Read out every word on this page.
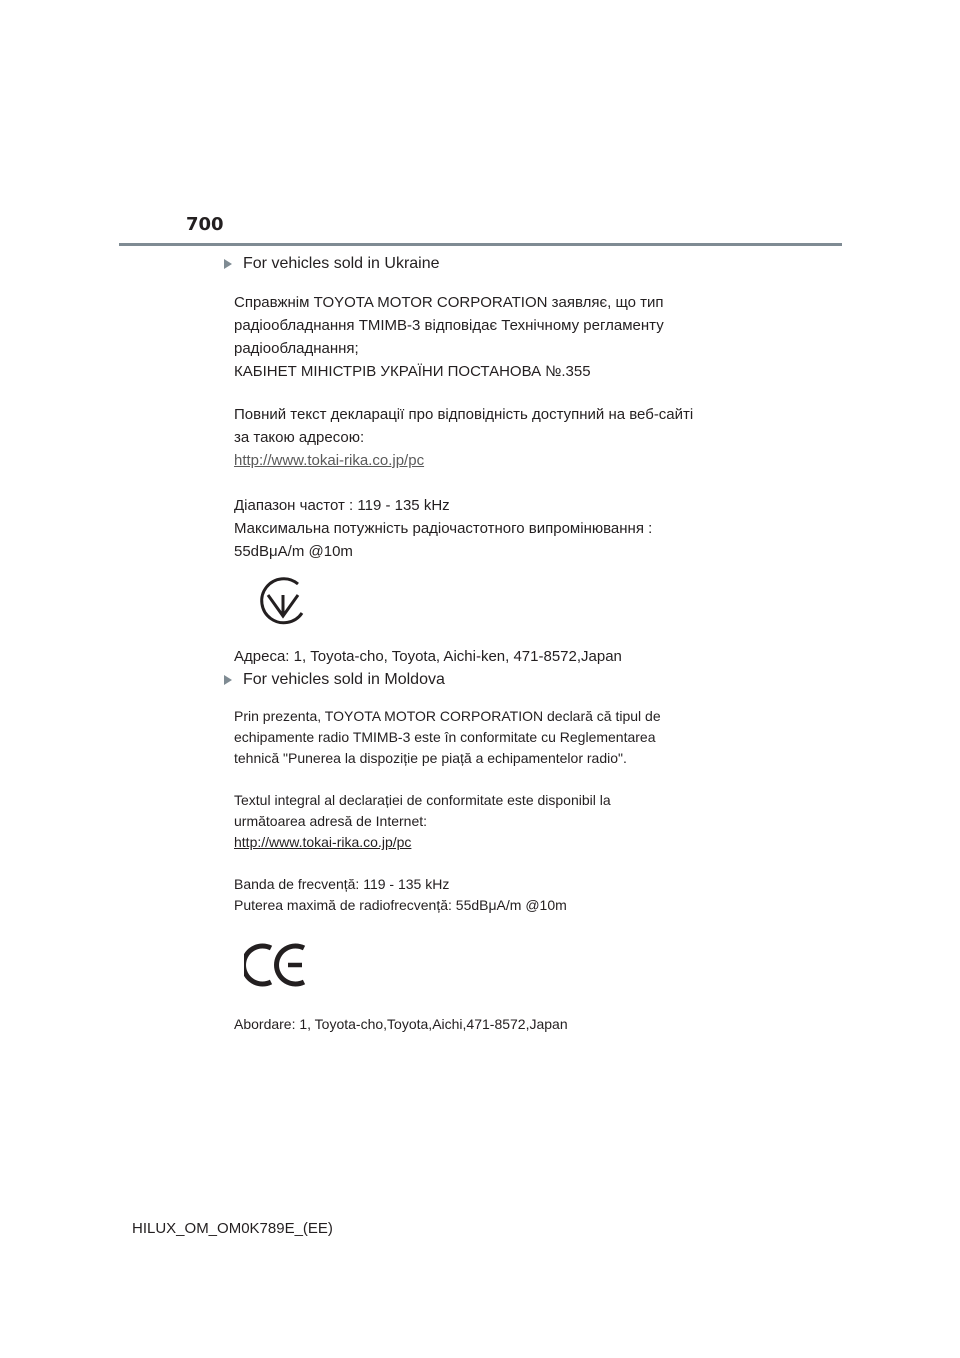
700
For vehicles sold in Ukraine
Справжнім TOYOTA MOTOR CORPORATION заявляє, що тип
радіообладнання TMIMB-3 відповідає Технічному регламенту
радіообладнання;
КАБІНЕТ МІНІСТРІВ УКРАЇНИ ПОСТАНОВА №.355
Повний текст декларації про відповідність доступний на веб-сайті
за такою адресою:
http://www.tokai-rika.co.jp/pc
Діапазон частот : 119 - 135 kHz
Максимальна потужність радіочастотного випромінювання :
55dBμA/m @10m
Адреса: 1, Toyota-cho, Toyota, Aichi-ken, 471-8572,Japan
For vehicles sold in Moldova
Prin prezenta, TOYOTA MOTOR CORPORATION declară că tipul de
echipamente radio TMIMB-3 este în conformitate cu Reglementarea
tehnică "Punerea la dispoziție pe piață a echipamentelor radio".
Textul integral al declarației de conformitate este disponibil la
următoarea adresă de Internet:
http://www.tokai-rika.co.jp/pc
Banda de frecvență: 119 - 135 kHz
Puterea maximă de radiofrecvență: 55dBμA/m @10m
Abordare: 1, Toyota-cho,Toyota,Aichi,471-8572,Japan
HILUX_OM_OM0K789E_(EE)
